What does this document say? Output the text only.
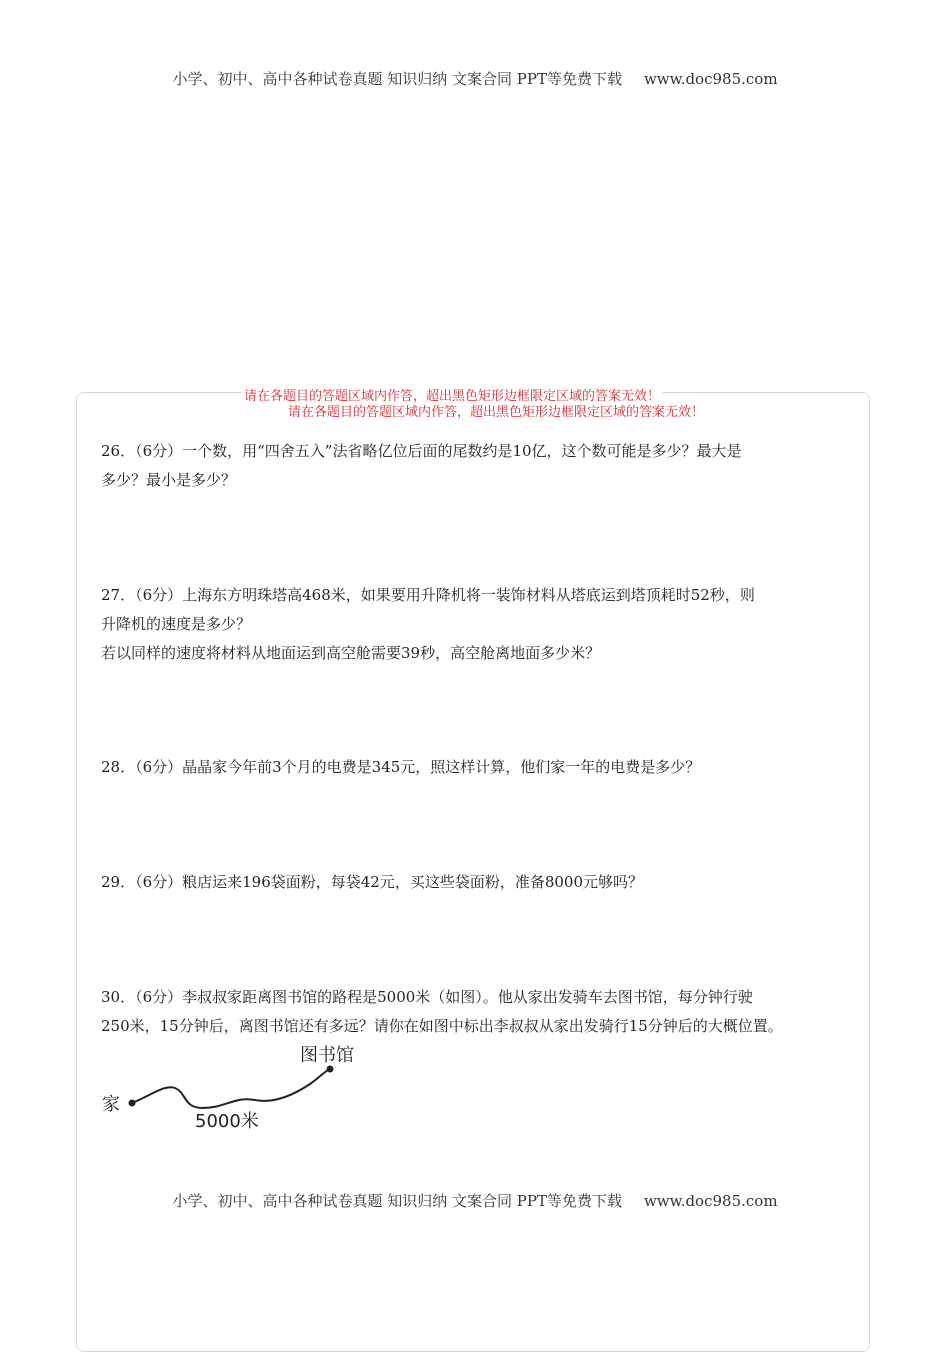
小学、初中、高中各种试卷真题 知识归纳 文案合同 PPT等免费下载 www.doc985.com
请在各题目的答题区域内作答，超出黑色矩形边框限定区域的答案无效！
请在各题目的答题区域内作答，超出黑色矩形边框限定区域的答案无效！
26．（6分）一个数，用“四舍五入”法省略亿位后面的尾数约是10亿，这个数可能是多少？最大是
多少？最小是多少？
27．（6分）上海东方明珠塔高468米，如果要用升降机将一装饰材料从塔底运到塔顶耗时52秒，则
升降机的速度是多少？
若以同样的速度将材料从地面运到高空舱需要39秒，高空舱离地面多少米？
28．（6分）晶晶家今年前3个月的电费是345元，照这样计算，他们家一年的电费是多少？
29．（6分）粮店运来196袋面粉，每袋42元，买这些袋面粉，准备8000元够吗？
30．（6分）李叔叔家距离图书馆的路程是5000米（如图）。他从家出发骑车去图书馆，每分钟行驶
250米，15分钟后，离图书馆还有多远？请你在如图中标出李叔叔从家出发骑行15分钟后的大概位置。
家
图书馆
5000米
小学、初中、高中各种试卷真题 知识归纳 文案合同 PPT等免费下载 www.doc985.com
